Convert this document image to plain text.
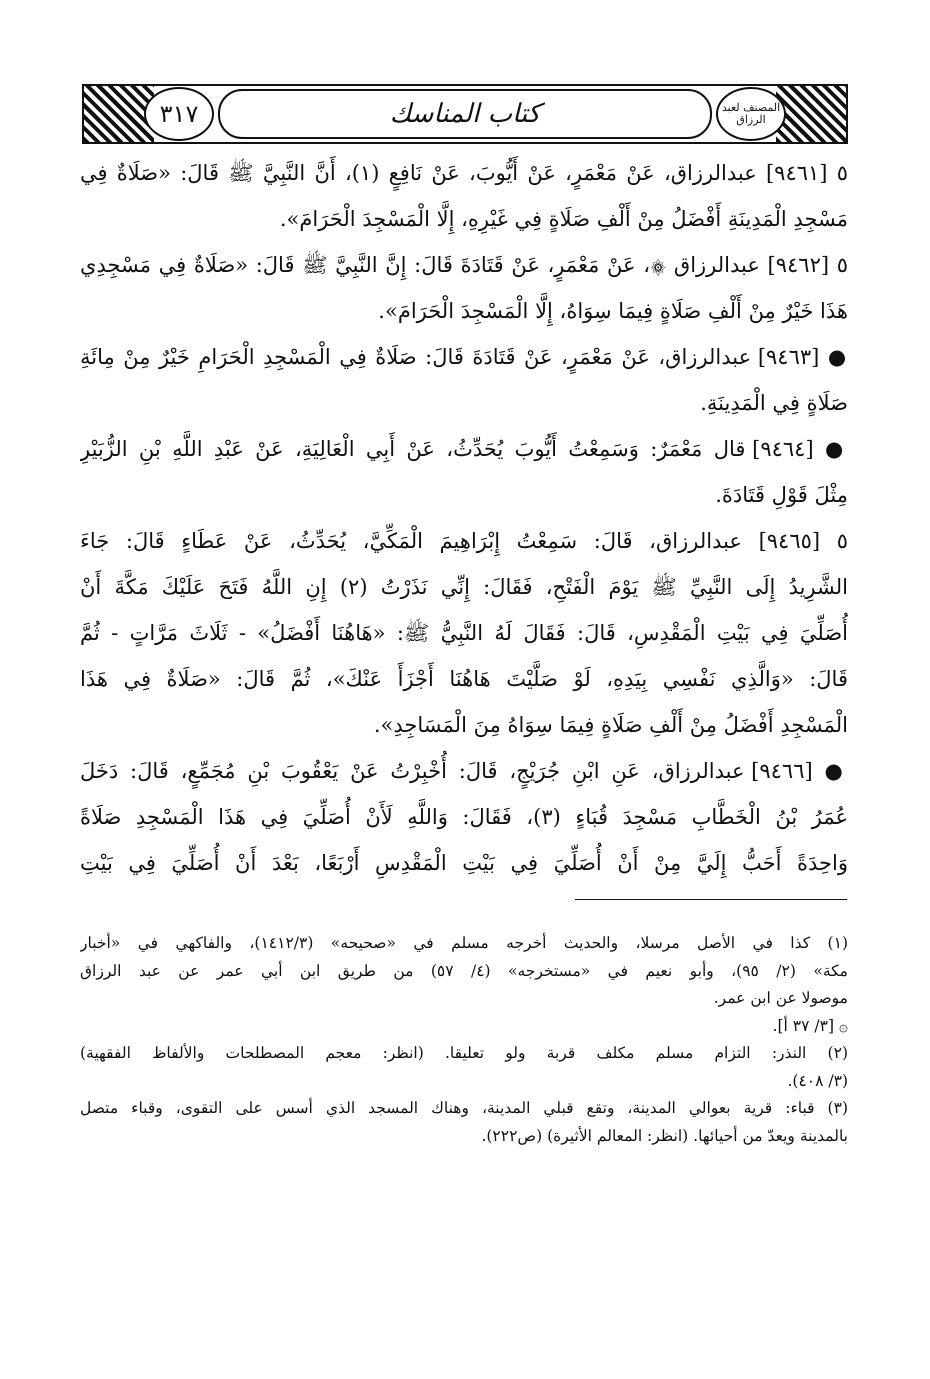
٣١٧	كتاب المناسك	المصنف لعبد الرزاق
٥ [٩٤٦١] عبدالرزاق، عَنْ مَعْمَرٍ، عَنْ أَيُّوبَ، عَنْ نَافِعٍ (١)، أَنَّ النَّبِيَّ ﷺ قَالَ: «صَلَاةٌ فِي
مَسْجِدِ الْمَدِينَةِ أَفْضَلُ مِنْ أَلْفِ صَلَاةٍ فِي غَيْرِهِ، إِلَّا الْمَسْجِدَ الْحَرَامَ».
٥ [٩٤٦٢] عبدالرزاق ۞، عَنْ مَعْمَرٍ، عَنْ قَتَادَةَ قَالَ: إِنَّ النَّبِيَّ ﷺ قَالَ: «صَلَاةٌ فِي مَسْجِدِي
هَذَا خَيْرٌ مِنْ أَلْفِ صَلَاةٍ فِيمَا سِوَاهُ، إِلَّا الْمَسْجِدَ الْحَرَامَ».
● [٩٤٦٣] عبدالرزاق، عَنْ مَعْمَرٍ، عَنْ قَتَادَةَ قَالَ: صَلَاةٌ فِي الْمَسْجِدِ الْحَرَامِ خَيْرٌ مِنْ مِائَةِ
صَلَاةٍ فِي الْمَدِينَةِ.
● [٩٤٦٤] قال مَعْمَرٌ: وَسَمِعْتُ أَيُّوبَ يُحَدِّثُ، عَنْ أَبِي الْعَالِيَةِ، عَنْ عَبْدِ اللَّهِ بْنِ الزُّبَيْرِ
مِثْلَ قَوْلِ قَتَادَةَ.
٥ [٩٤٦٥] عبدالرزاق، قَالَ: سَمِعْتُ إِبْرَاهِيمَ الْمَكِّيَّ، يُحَدِّثُ، عَنْ عَطَاءٍ قَالَ: جَاءَ
الشَّرِيدُ إِلَى النَّبِيِّ ﷺ يَوْمَ الْفَتْحِ، فَقَالَ: إِنِّي نَذَرْتُ (٢) إِنِ اللَّهُ فَتَحَ عَلَيْكَ مَكَّةَ أَنْ
أُصَلِّيَ فِي بَيْتِ الْمَقْدِسِ، قَالَ: فَقَالَ لَهُ النَّبِيُّ ﷺ: «هَاهُنَا أَفْضَلُ» - ثَلَاثَ مَرَّاتٍ - ثُمَّ
قَالَ: «وَالَّذِي نَفْسِي بِيَدِهِ، لَوْ صَلَّيْتَ هَاهُنَا أَجْزَأَ عَنْكَ»، ثُمَّ قَالَ: «صَلَاةٌ فِي هَذَا
الْمَسْجِدِ أَفْضَلُ مِنْ أَلْفِ صَلَاةٍ فِيمَا سِوَاهُ مِنَ الْمَسَاجِدِ».
● [٩٤٦٦] عبدالرزاق، عَنِ ابْنِ جُرَيْجٍ، قَالَ: أُخْبِرْتُ عَنْ يَعْقُوبَ بْنِ مُجَمِّعٍ، قَالَ: دَخَلَ
عُمَرُ بْنُ الْخَطَّابِ مَسْجِدَ قُبَاءٍ (٣)، فَقَالَ: وَاللَّهِ لَأَنْ أُصَلِّيَ فِي هَذَا الْمَسْجِدِ صَلَاةً
وَاحِدَةً أَحَبُّ إِلَيَّ مِنْ أَنْ أُصَلِّيَ فِي بَيْتِ الْمَقْدِسِ أَرْبَعًا، بَعْدَ أَنْ أُصَلِّيَ فِي بَيْتِ
(١) كذا في الأصل مرسلا، والحديث أخرجه مسلم في «صحيحه» (١٤١٢/٣)، والفاكهي في «أخبار
مكة» (٢/ ٩٥)، وأبو نعيم في «مستخرجه» (٤/ ٥٧) من طريق ابن أبي عمر عن عبد الرزاق
موصولا عن ابن عمر.
۞ [٣/ ٣٧ أ].
(٢) النذر: التزام مسلم مكلف قربة ولو تعليقا. (انظر: معجم المصطلحات والألفاظ الفقهية)
(٣/ ٤٠٨).
(٣) قباء: قرية بعوالي المدينة، وتقع قبلي المدينة، وهناك المسجد الذي أسس على التقوى، وقباء متصل
بالمدينة ويعدّ من أحيائها. (انظر: المعالم الأثيرة) (ص٢٢٢).
